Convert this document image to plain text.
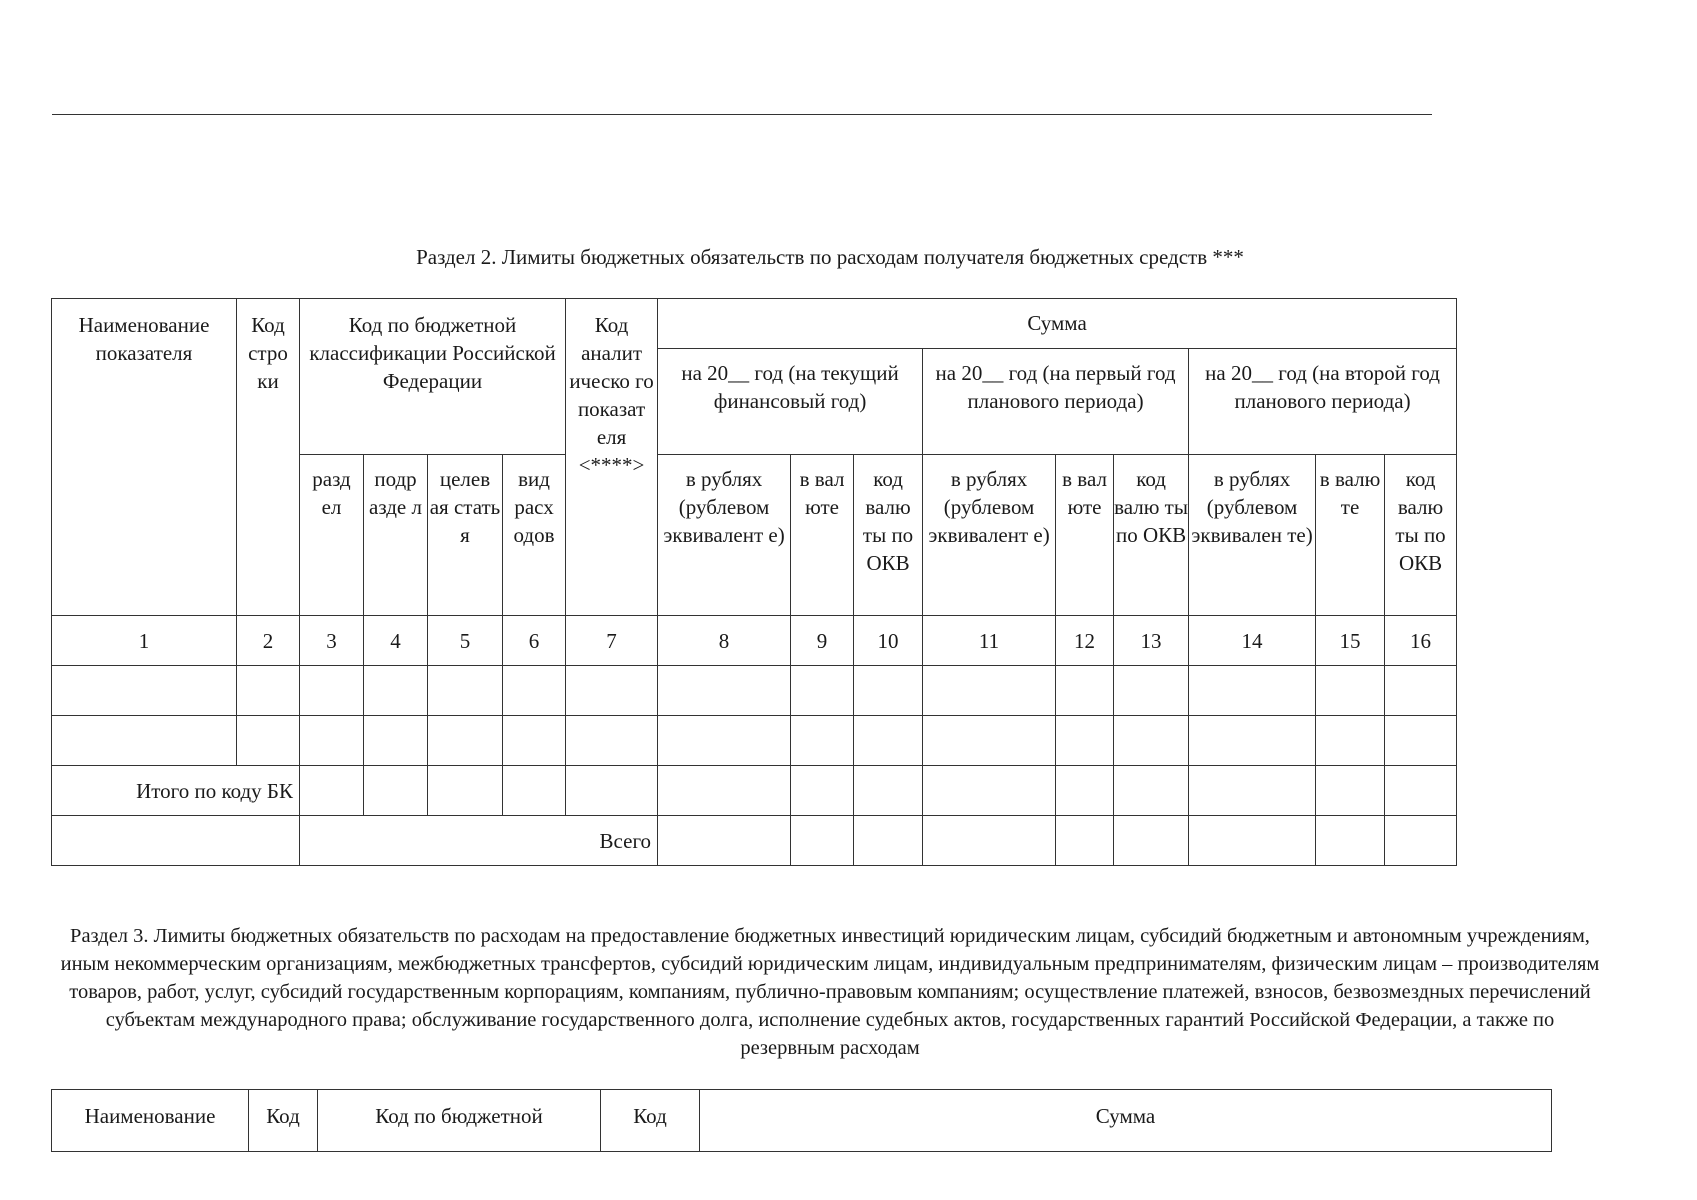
Раздел 2. Лимиты бюджетных обязательств по расходам получателя бюджетных средств ***
Наименование показателя	Код стро ки	Код по бюджетной классификации Российской Федерации				Код аналит ическо го показат еля <****>	Сумма								
							на 20__ год (на текущий финансовый год)			на 20__ год (на первый год планового периода)			на 20__ год (на второй год планового периода)		
		разд ел	подр азде л	целев ая стать я	вид расх одов		в рублях (рублевом эквивалент е)	в вал юте	код валю ты по ОКВ	в рублях (рублевом эквивалент е)	в вал юте	код валю ты по ОКВ	в рублях (рублевом эквивален те)	в валю те	код валю ты по ОКВ
1	2	3	4	5	6	7	8	9	10	11	12	13	14	15	16

Итого по коду БК															
		Всего													
Раздел 3. Лимиты бюджетных обязательств по расходам на предоставление бюджетных инвестиций юридическим лицам, субсидий бюджетным и автономным учреждениям, иным некоммерческим организациям, межбюджетных трансфертов, субсидий юридическим лицам, индивидуальным предпринимателям, физическим лицам – производителям товаров, работ, услуг, субсидий государственным корпорациям, компаниям, публично-правовым компаниям; осуществление платежей, взносов, безвозмездных перечислений субъектам международного права; обслуживание государственного долга, исполнение судебных актов, государственных гарантий Российской Федерации, а также по резервным расходам
Наименование	Код	Код по бюджетной	Код	Сумма
